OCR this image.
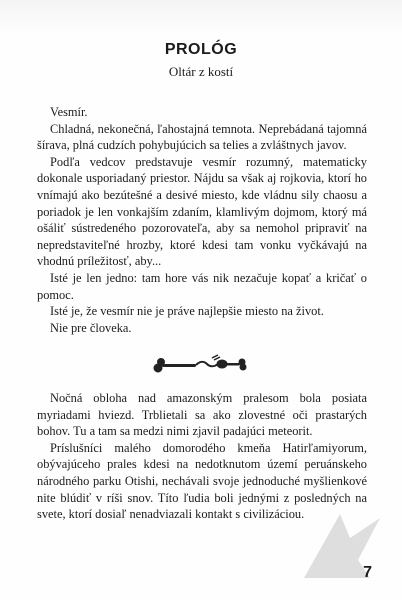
PROLÓG
Oltár z kostí

Vesmír.

Chladná, nekonečná, ľahostajná temnota. Neprebádaná tajomná šírava, plná cudzích pohybujúcich sa telies a zvláštnych javov.

Podľa vedcov predstavuje vesmír rozumný, matematicky dokonale usporiadaný priestor. Nájdu sa však aj rojkovia, ktorí ho vnímajú ako bezútešné a desivé miesto, kde vládnu sily chaosu a poriadok je len vonkajším zdaním, klamlivým dojmom, ktorý má ošáliť sústredeného pozorovateľa, aby sa nemohol pripraviť na nepredstaviteľné hrozby, ktoré kdesi tam vonku vyčkávajú na vhodnú príležitosť, aby...

Isté je len jedno: tam hore vás nik nezačuje kopať a kričať o pomoc.

Isté je, že vesmír nie je práve najlepšie miesto na život.

Nie pre človeka.

Nočná obloha nad amazonským pralesom bola posiata myriadami hviezd. Trblietali sa ako zlovestné oči prastarých bohov. Tu a tam sa medzi nimi zjavil padajúci meteorit.

Príslušníci malého domorodého kmeňa Hatirľamiyorum, obývajúceho prales kdesi na nedotknutom území peruánskeho národného parku Otishi, nechávali svoje jednoduché myšlienkové nite blúdiť v ríši snov. Títo ľudia boli jednými z posledných na svete, ktorí dosiaľ nenadviazali kontakt s civilizáciou.

7
